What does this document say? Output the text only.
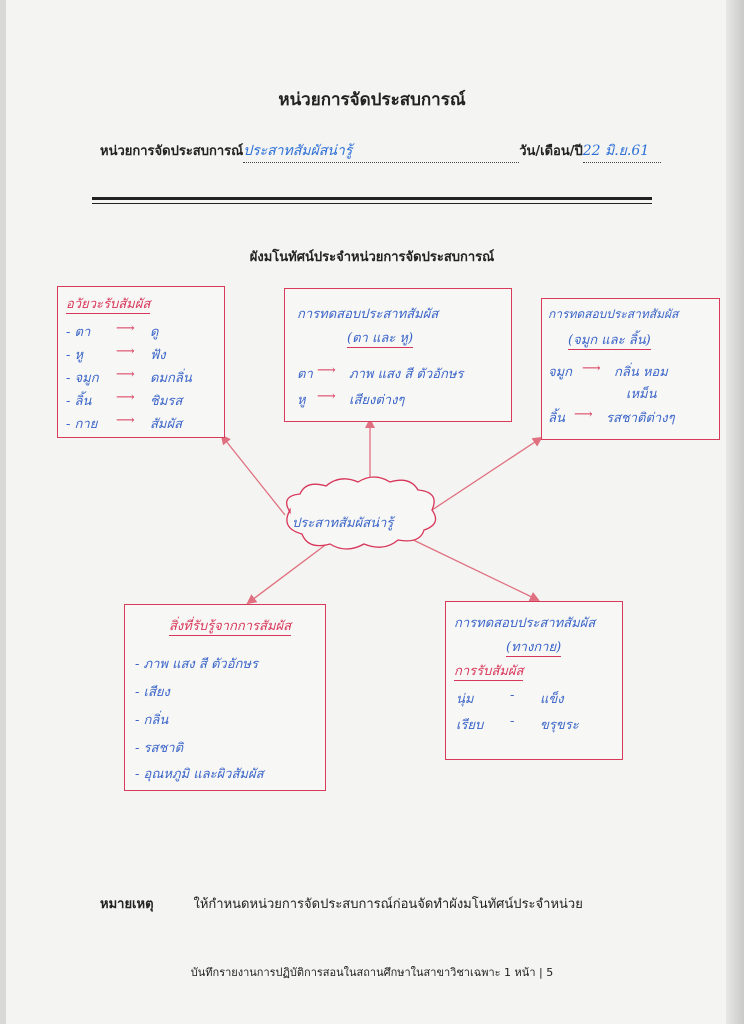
หน่วยการจัดประสบการณ์
หน่วยการจัดประสบการณ์ประสาทสัมผัสน่ารู้	วัน/เดือน/ปี22 มิ.ย.61
ผังมโนทัศน์ประจำหน่วยการจัดประสบการณ์
ประสาทสัมผัสน่ารู้
อวัยวะรับสัมผัส
- ตา ⟶ ดู
- หู	⟶ ฟัง
- จมูก ⟶ ดมกลิ่น
- ลิ้น ⟶ ชิมรส
- กาย ⟶ สัมผัส
การทดสอบประสาทสัมผัส
(ตา และ หู)
ตา ⟶ ภาพ แสง สี ตัวอักษร
หู ⟶ เสียงต่างๆ
การทดสอบประสาทสัมผัส
(จมูก และ ลิ้น)
จมูก ⟶ กลิ่น หอม
เหม็น
ลิ้น ⟶ รสชาติต่างๆ
สิ่งที่รับรู้จากการสัมผัส
- ภาพ แสง สี ตัวอักษร
- เสียง
- กลิ่น
- รสชาติ
- อุณหภูมิ และผิวสัมผัส
การทดสอบประสาทสัมผัส
(ทางกาย)
การรับสัมผัส
นุ่ม	- แข็ง
เรียบ - ขรุขระ
หมายเหตุ	ให้กำหนดหน่วยการจัดประสบการณ์ก่อนจัดทำผังมโนทัศน์ประจำหน่วย
บันทึกรายงานการปฏิบัติการสอนในสถานศึกษาในสาขาวิชาเฉพาะ 1 หน้า | 5
